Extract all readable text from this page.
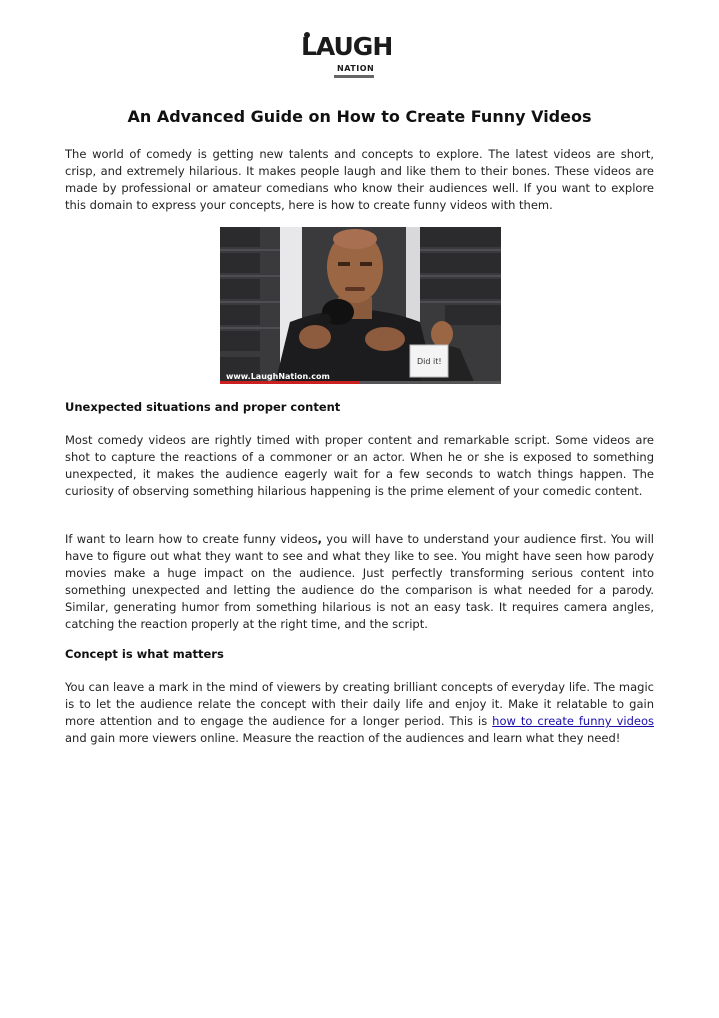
LAUGH
NATION
An Advanced Guide on How to Create Funny Videos

The world of comedy is getting new talents and concepts to explore. The latest videos are short, crisp, and extremely hilarious. It makes people laugh and like them to their bones. These videos are made by professional or amateur comedians who know their audiences well. If you want to explore this domain to express your concepts, here is how to create funny videos with them.

Did it!
www.LaughNation.com

Unexpected situations and proper content

Most comedy videos are rightly timed with proper content and remarkable script. Some videos are shot to capture the reactions of a commoner or an actor. When he or she is exposed to something unexpected, it makes the audience eagerly wait for a few seconds to watch things happen. The curiosity of observing something hilarious happening is the prime element of your comedic content.

If want to learn how to create funny videos, you will have to understand your audience first. You will have to figure out what they want to see and what they like to see. You might have seen how parody movies make a huge impact on the audience. Just perfectly transforming serious content into something unexpected and letting the audience do the comparison is what needed for a parody. Similar, generating humor from something hilarious is not an easy task. It requires camera angles, catching the reaction properly at the right time, and the script.

Concept is what matters

You can leave a mark in the mind of viewers by creating brilliant concepts of everyday life. The magic is to let the audience relate the concept with their daily life and enjoy it. Make it relatable to gain more attention and to engage the audience for a longer period. This is how to create funny videos and gain more viewers online. Measure the reaction of the audiences and learn what they need!
